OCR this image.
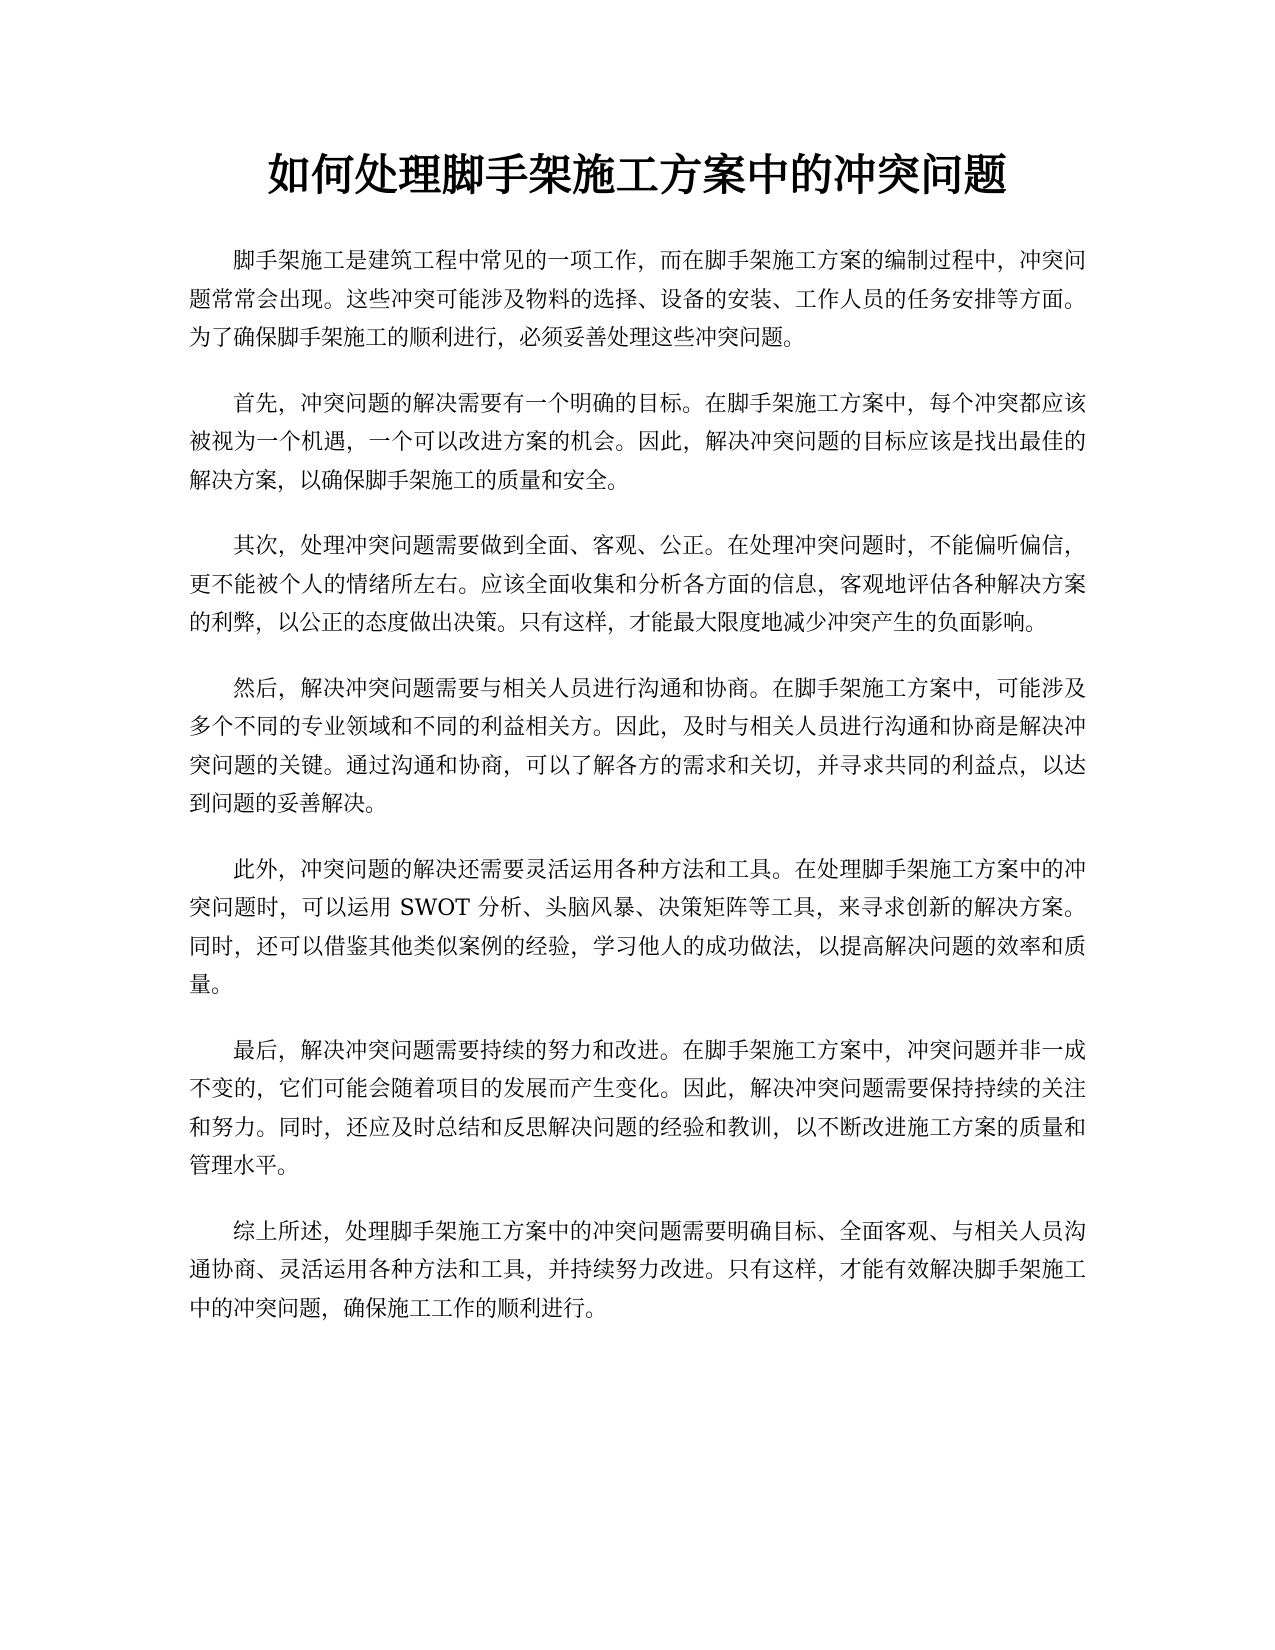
如何处理脚手架施工方案中的冲突问题

脚手架施工是建筑工程中常见的一项工作，而在脚手架施工方案的编制过程中，冲突问题常常会出现。这些冲突可能涉及物料的选择、设备的安装、工作人员的任务安排等方面。为了确保脚手架施工的顺利进行，必须妥善处理这些冲突问题。

首先，冲突问题的解决需要有一个明确的目标。在脚手架施工方案中，每个冲突都应该被视为一个机遇，一个可以改进方案的机会。因此，解决冲突问题的目标应该是找出最佳的解决方案，以确保脚手架施工的质量和安全。

其次，处理冲突问题需要做到全面、客观、公正。在处理冲突问题时，不能偏听偏信，更不能被个人的情绪所左右。应该全面收集和分析各方面的信息，客观地评估各种解决方案的利弊，以公正的态度做出决策。只有这样，才能最大限度地减少冲突产生的负面影响。

然后，解决冲突问题需要与相关人员进行沟通和协商。在脚手架施工方案中，可能涉及多个不同的专业领域和不同的利益相关方。因此，及时与相关人员进行沟通和协商是解决冲突问题的关键。通过沟通和协商，可以了解各方的需求和关切，并寻求共同的利益点，以达到问题的妥善解决。

此外，冲突问题的解决还需要灵活运用各种方法和工具。在处理脚手架施工方案中的冲突问题时，可以运用 SWOT 分析、头脑风暴、决策矩阵等工具，来寻求创新的解决方案。同时，还可以借鉴其他类似案例的经验，学习他人的成功做法，以提高解决问题的效率和质量。

最后，解决冲突问题需要持续的努力和改进。在脚手架施工方案中，冲突问题并非一成不变的，它们可能会随着项目的发展而产生变化。因此，解决冲突问题需要保持持续的关注和努力。同时，还应及时总结和反思解决问题的经验和教训，以不断改进施工方案的质量和管理水平。

综上所述，处理脚手架施工方案中的冲突问题需要明确目标、全面客观、与相关人员沟通协商、灵活运用各种方法和工具，并持续努力改进。只有这样，才能有效解决脚手架施工中的冲突问题，确保施工工作的顺利进行。
